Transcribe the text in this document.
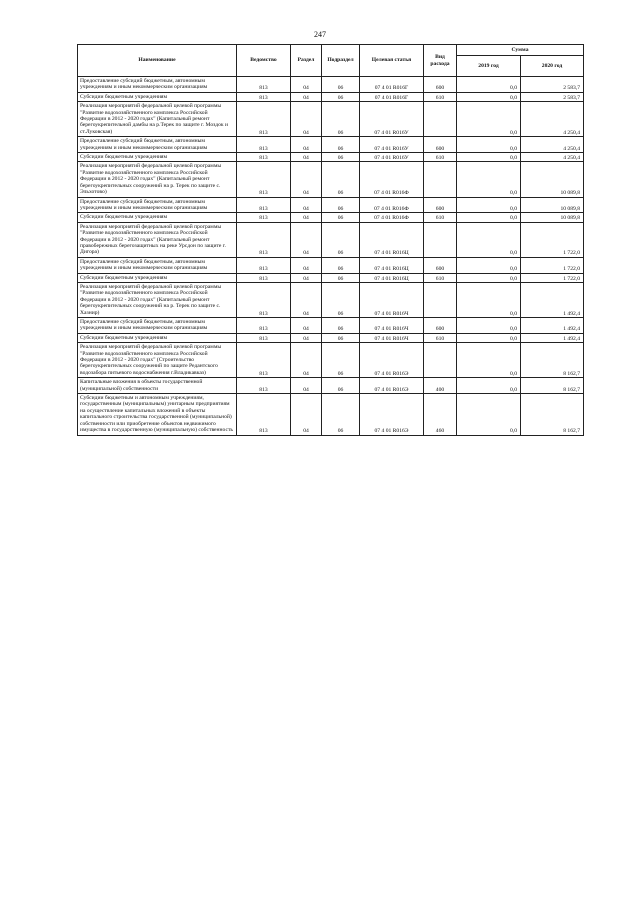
247
Наименование	Ведомство	Раздел	Подраздел	Целевая статья	Вид расхода	Сумма	
						2019 год	2020 год
Предоставление субсидий бюджетным, автономным учреждениям и иным некоммерческим организациям	813	04	06	07 4 01 R016Г	600	0,0	2 583,7
Субсидии бюджетным учреждениям	813	04	06	07 4 01 R016Г	610	0,0	2 583,7
Реализация мероприятий федеральной целевой программы "Развитие водохозяйственного комплекса Российской Федерации в 2012 - 2020 годах" (Капитальный ремонт берегоукрепительной дамбы на р.Терек по защите г. Моздок и ст.Луковская)	813	04	06	07 4 01 R016У		0,0	4 250,4
Предоставление субсидий бюджетным, автономным учреждениям и иным некоммерческим организациям	813	04	06	07 4 01 R016У	600	0,0	4 250,4
Субсидии бюджетным учреждениям	813	04	06	07 4 01 R016У	610	0,0	4 250,4
Реализация мероприятий федеральной целевой программы "Развитие водохозяйственного комплекса Российской Федерации в 2012 - 2020 годах" (Капитальный ремонт берегоукрепительных сооружений на р. Терек по защите с. Эльхотово)	813	04	06	07 4 01 R016Ф		0,0	10 089,8
Предоставление субсидий бюджетным, автономным учреждениям и иным некоммерческим организациям	813	04	06	07 4 01 R016Ф	600	0,0	10 089,8
Субсидии бюджетным учреждениям	813	04	06	07 4 01 R016Ф	610	0,0	10 089,8
Реализация мероприятий федеральной целевой программы "Развитие водохозяйственного комплекса Российской Федерации в 2012 - 2020 годах" (Капитальный ремонт правобережных берегозащитных на реке Урсдон по защите г. Дигора)	813	04	06	07 4 01 R016Ц		0,0	1 722,0
Предоставление субсидий бюджетным, автономным учреждениям и иным некоммерческим организациям	813	04	06	07 4 01 R016Ц	600	0,0	1 722,0
Субсидии бюджетным учреждениям	813	04	06	07 4 01 R016Ц	610	0,0	1 722,0
Реализация мероприятий федеральной целевой программы "Развитие водохозяйственного комплекса Российской Федерации в 2012 - 2020 годах" (Капитальный ремонт берегоукрепительных сооружений на р. Терек по защите с. Хазнир)	813	04	06	07 4 01 R016Ч		0,0	1 492,4
Предоставление субсидий бюджетным, автономным учреждениям и иным некоммерческим организациям	813	04	06	07 4 01 R016Ч	600	0,0	1 492,4
Субсидии бюджетным учреждениям	813	04	06	07 4 01 R016Ч	610	0,0	1 492,4
Реализация мероприятий федеральной целевой программы "Развитие водохозяйственного комплекса Российской Федерации в 2012 - 2020 годах" (Строительство берегоукрепительных сооружений по защите Редантского водозабора питьевого водоснабжения г.Владикавказ)	813	04	06	07 4 01 R016Э		0,0	8 162,7
Капитальные вложения в объекты государственной (муниципальной) собственности	813	04	06	07 4 01 R016Э	400	0,0	8 162,7
Субсидии бюджетным и автономным учреждениям, государственным (муниципальным) унитарным предприятиям на осуществление капитальных вложений в объекты капитального строительства государственной (муниципальной) собственности или приобретение объектов недвижимого имущества в государственную (муниципальную) собственность	813	04	06	07 4 01 R016Э	460	0,0	8 162,7
